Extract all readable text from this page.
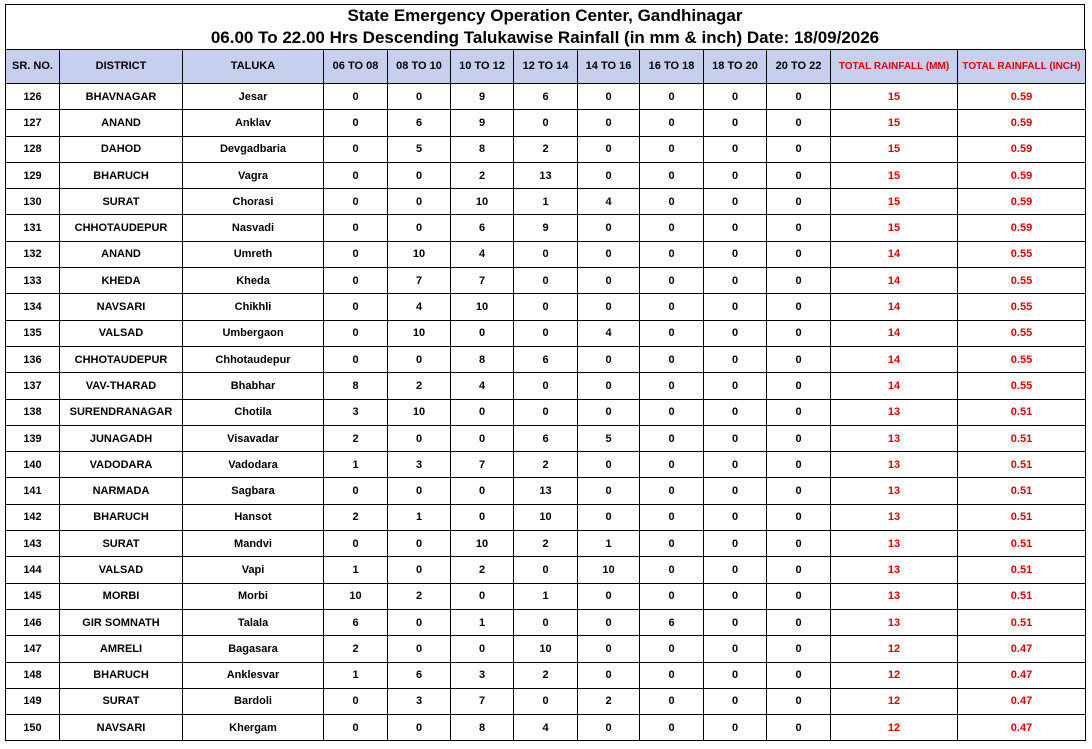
State Emergency Operation Center, Gandhinagar
06.00 To 22.00 Hrs Descending Talukawise Rainfall (in mm & inch) Date: 18/09/2026
SR. NO.	DISTRICT	TALUKA	06 TO 08	08 TO 10	10 TO 12	12 TO 14	14 TO 16	16 TO 18	18 TO 20	20 TO 22	TOTAL RAINFALL (MM)	TOTAL RAINFALL (INCH)
126	BHAVNAGAR	Jesar	0	0	9	6	0	0	0	0	15	0.59
127	ANAND	Anklav	0	6	9	0	0	0	0	0	15	0.59
128	DAHOD	Devgadbaria	0	5	8	2	0	0	0	0	15	0.59
129	BHARUCH	Vagra	0	0	2	13	0	0	0	0	15	0.59
130	SURAT	Chorasi	0	0	10	1	4	0	0	0	15	0.59
131	CHHOTAUDEPUR	Nasvadi	0	0	6	9	0	0	0	0	15	0.59
132	ANAND	Umreth	0	10	4	0	0	0	0	0	14	0.55
133	KHEDA	Kheda	0	7	7	0	0	0	0	0	14	0.55
134	NAVSARI	Chikhli	0	4	10	0	0	0	0	0	14	0.55
135	VALSAD	Umbergaon	0	10	0	0	4	0	0	0	14	0.55
136	CHHOTAUDEPUR	Chhotaudepur	0	0	8	6	0	0	0	0	14	0.55
137	VAV-THARAD	Bhabhar	8	2	4	0	0	0	0	0	14	0.55
138	SURENDRANAGAR	Chotila	3	10	0	0	0	0	0	0	13	0.51
139	JUNAGADH	Visavadar	2	0	0	6	5	0	0	0	13	0.51
140	VADODARA	Vadodara	1	3	7	2	0	0	0	0	13	0.51
141	NARMADA	Sagbara	0	0	0	13	0	0	0	0	13	0.51
142	BHARUCH	Hansot	2	1	0	10	0	0	0	0	13	0.51
143	SURAT	Mandvi	0	0	10	2	1	0	0	0	13	0.51
144	VALSAD	Vapi	1	0	2	0	10	0	0	0	13	0.51
145	MORBI	Morbi	10	2	0	1	0	0	0	0	13	0.51
146	GIR SOMNATH	Talala	6	0	1	0	0	6	0	0	13	0.51
147	AMRELI	Bagasara	2	0	0	10	0	0	0	0	12	0.47
148	BHARUCH	Anklesvar	1	6	3	2	0	0	0	0	12	0.47
149	SURAT	Bardoli	0	3	7	0	2	0	0	0	12	0.47
150	NAVSARI	Khergam	0	0	8	4	0	0	0	0	12	0.47
